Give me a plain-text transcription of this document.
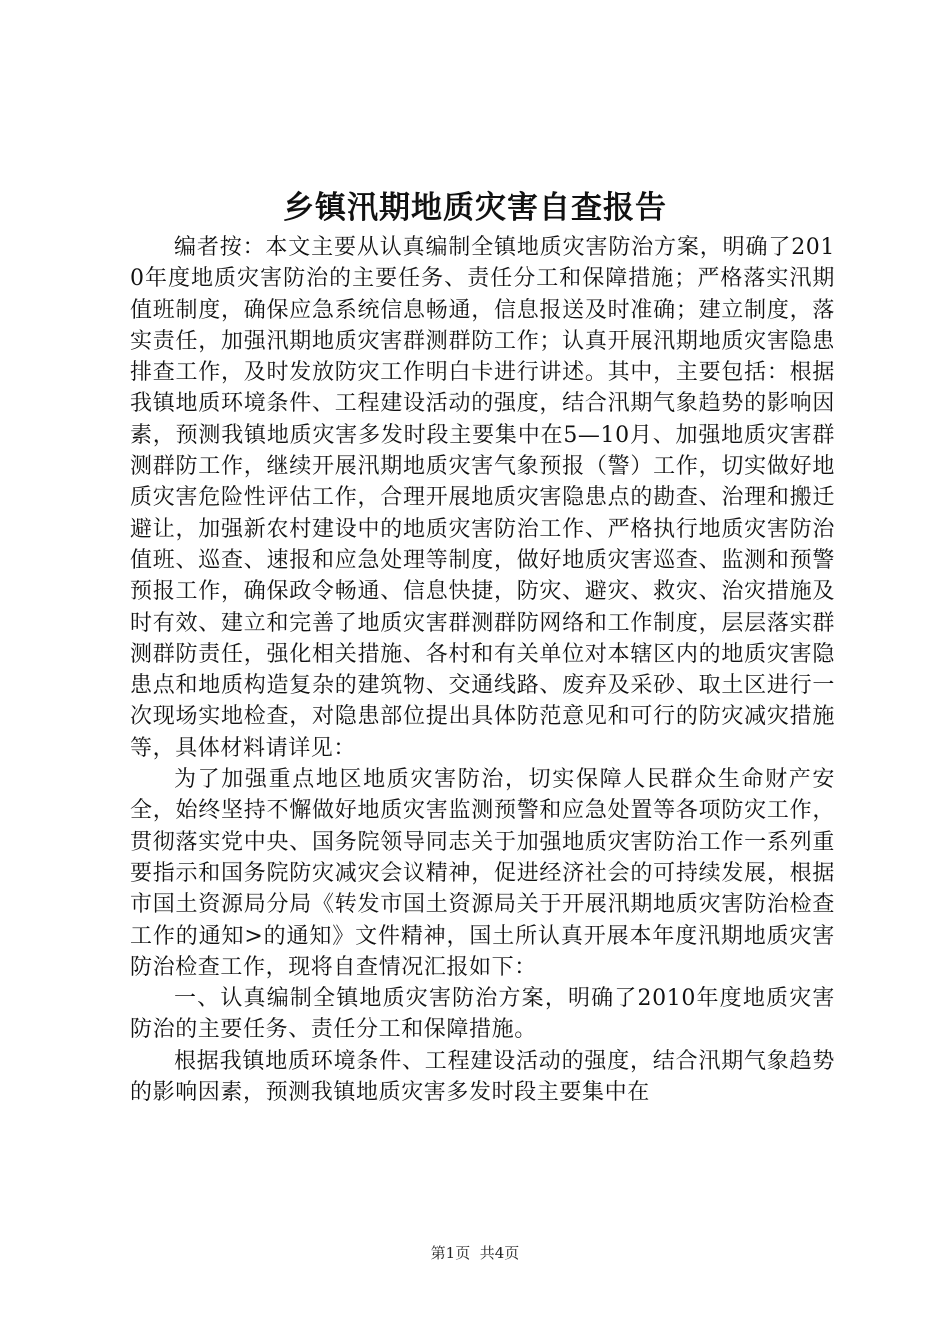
乡镇汛期地质灾害自查报告

编者按：本文主要从认真编制全镇地质灾害防治方案，明确了2010年度地质灾害防治的主要任务、责任分工和保障措施；严格落实汛期值班制度，确保应急系统信息畅通，信息报送及时准确；建立制度，落实责任，加强汛期地质灾害群测群防工作；认真开展汛期地质灾害隐患排查工作，及时发放防灾工作明白卡进行讲述。其中，主要包括：根据我镇地质环境条件、工程建设活动的强度，结合汛期气象趋势的影响因素，预测我镇地质灾害多发时段主要集中在5—10月、加强地质灾害群测群防工作，继续开展汛期地质灾害气象预报（警）工作，切实做好地质灾害危险性评估工作，合理开展地质灾害隐患点的勘查、治理和搬迁避让，加强新农村建设中的地质灾害防治工作、严格执行地质灾害防治值班、巡查、速报和应急处理等制度，做好地质灾害巡查、监测和预警预报工作，确保政令畅通、信息快捷，防灾、避灾、救灾、治灾措施及时有效、建立和完善了地质灾害群测群防网络和工作制度，层层落实群测群防责任，强化相关措施、各村和有关单位对本辖区内的地质灾害隐患点和地质构造复杂的建筑物、交通线路、废弃及采砂、取土区进行一次现场实地检查，对隐患部位提出具体防范意见和可行的防灾减灾措施等，具体材料请详见：

为了加强重点地区地质灾害防治，切实保障人民群众生命财产安全，始终坚持不懈做好地质灾害监测预警和应急处置等各项防灾工作，贯彻落实党中央、国务院领导同志关于加强地质灾害防治工作一系列重要指示和国务院防灾减灾会议精神，促进经济社会的可持续发展，根据市国土资源局分局《转发市国土资源局关于开展汛期地质灾害防治检查工作的通知>的通知》文件精神，国土所认真开展本年度汛期地质灾害防治检查工作，现将自查情况汇报如下：

一、认真编制全镇地质灾害防治方案，明确了2010年度地质灾害防治的主要任务、责任分工和保障措施。

根据我镇地质环境条件、工程建设活动的强度，结合汛期气象趋势的影响因素，预测我镇地质灾害多发时段主要集中在

第1页 共4页
